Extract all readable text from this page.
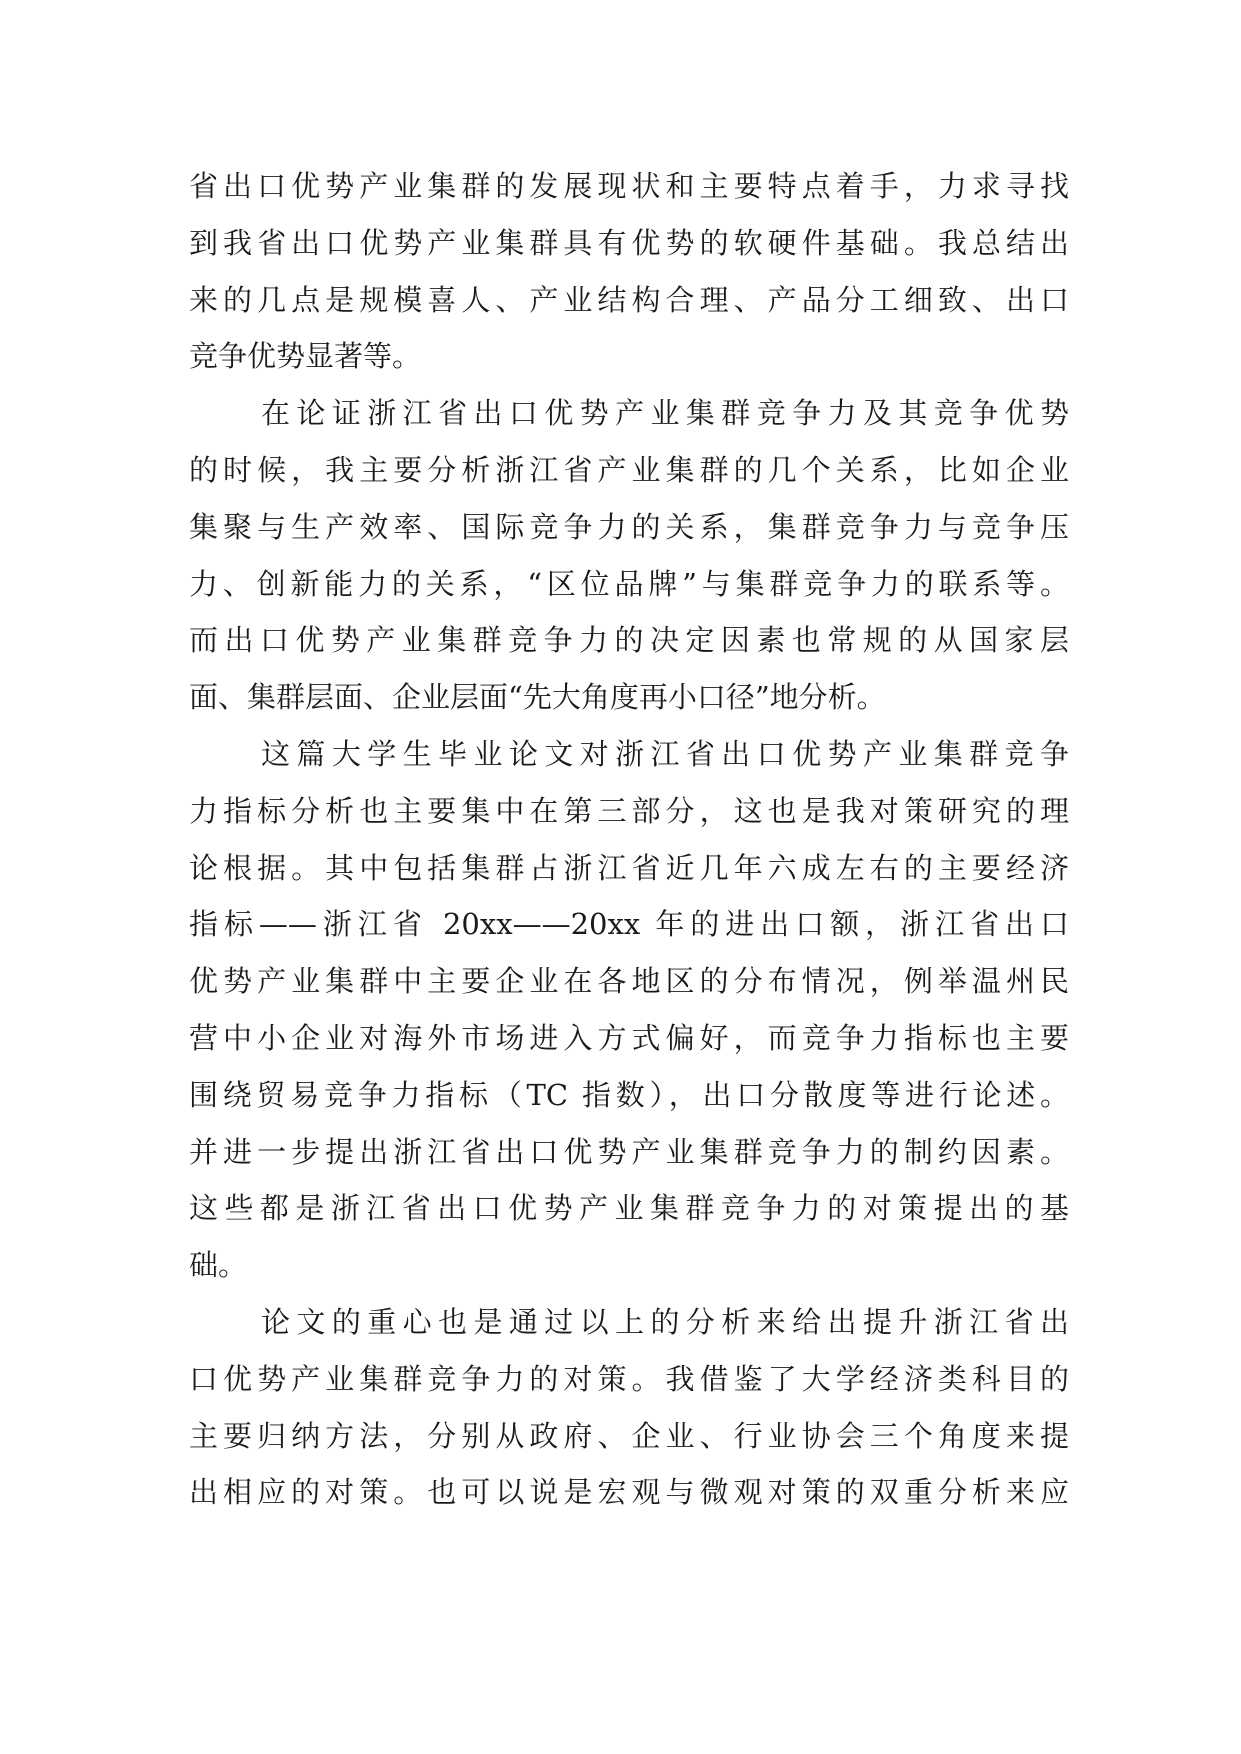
省出口优势产业集群的发展现状和主要特点着手，力求寻找
到我省出口优势产业集群具有优势的软硬件基础。我总结出
来的几点是规模喜人、产业结构合理、产品分工细致、出口
竞争优势显著等。
在论证浙江省出口优势产业集群竞争力及其竞争优势
的时候，我主要分析浙江省产业集群的几个关系，比如企业
集聚与生产效率、国际竞争力的关系，集群竞争力与竞争压
力、创新能力的关系，“区位品牌”与集群竞争力的联系等。
而出口优势产业集群竞争力的决定因素也常规的从国家层
面、集群层面、企业层面“先大角度再小口径”地分析。
这篇大学生毕业论文对浙江省出口优势产业集群竞争
力指标分析也主要集中在第三部分，这也是我对策研究的理
论根据。其中包括集群占浙江省近几年六成左右的主要经济
指标——浙江省 20xx——20xx 年的进出口额，浙江省出口
优势产业集群中主要企业在各地区的分布情况，例举温州民
营中小企业对海外市场进入方式偏好，而竞争力指标也主要
围绕贸易竞争力指标（TC 指数），出口分散度等进行论述。
并进一步提出浙江省出口优势产业集群竞争力的制约因素。
这些都是浙江省出口优势产业集群竞争力的对策提出的基
础。
论文的重心也是通过以上的分析来给出提升浙江省出
口优势产业集群竞争力的对策。我借鉴了大学经济类科目的
主要归纳方法，分别从政府、企业、行业协会三个角度来提
出相应的对策。也可以说是宏观与微观对策的双重分析来应
